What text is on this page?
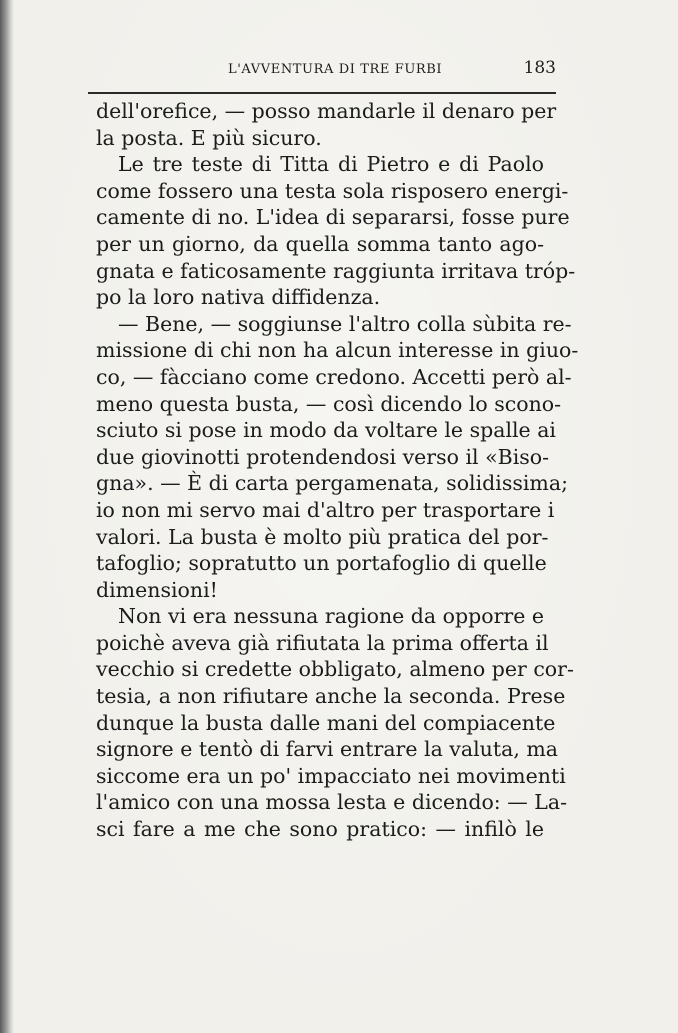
L'AVVENTURA DI TRE FURBI	183
dell'orefice, — posso mandarle il denaro per
la posta. E più sicuro.
Le tre teste di Titta di Pietro e di Paolo
come fossero una testa sola risposero energi-
camente di no. L'idea di separarsi, fosse pure
per un giorno, da quella somma tanto ago-
gnata e faticosamente raggiunta irritava tróp-
po la loro nativa diffidenza.
— Bene, — soggiunse l'altro colla sùbita re-
missione di chi non ha alcun interesse in giuo-
co, — fàcciano come credono. Accetti però al-
meno questa busta, — così dicendo lo scono-
sciuto si pose in modo da voltare le spalle ai
due giovinotti protendendosi verso il «Biso-
gna». — È di carta pergamenata, solidissima;
io non mi servo mai d'altro per trasportare i
valori. La busta è molto più pratica del por-
tafoglio; sopratutto un portafoglio di quelle
dimensioni!
Non vi era nessuna ragione da opporre e
poichè aveva già rifiutata la prima offerta il
vecchio si credette obbligato, almeno per cor-
tesia, a non rifiutare anche la seconda. Prese
dunque la busta dalle mani del compiacente
signore e tentò di farvi entrare la valuta, ma
siccome era un po' impacciato nei movimenti
l'amico con una mossa lesta e dicendo: — La-
sci fare a me che sono pratico: — infilò le
